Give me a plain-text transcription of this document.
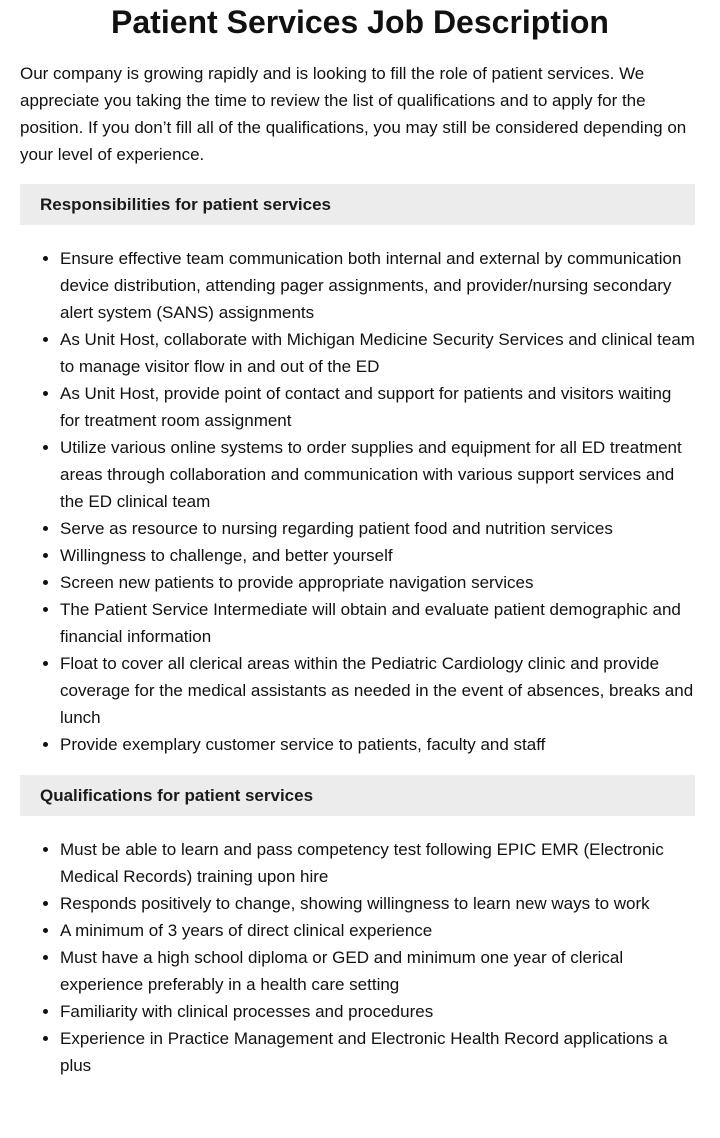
Patient Services Job Description

Our company is growing rapidly and is looking to fill the role of patient services. We appreciate you taking the time to review the list of qualifications and to apply for the position. If you don’t fill all of the qualifications, you may still be considered depending on your level of experience.

Responsibilities for patient services
• Ensure effective team communication both internal and external by communication device distribution, attending pager assignments, and provider/nursing secondary alert system (SANS) assignments
• As Unit Host, collaborate with Michigan Medicine Security Services and clinical team to manage visitor flow in and out of the ED
• As Unit Host, provide point of contact and support for patients and visitors waiting for treatment room assignment
• Utilize various online systems to order supplies and equipment for all ED treatment areas through collaboration and communication with various support services and the ED clinical team
• Serve as resource to nursing regarding patient food and nutrition services
• Willingness to challenge, and better yourself
• Screen new patients to provide appropriate navigation services
• The Patient Service Intermediate will obtain and evaluate patient demographic and financial information
• Float to cover all clerical areas within the Pediatric Cardiology clinic and provide coverage for the medical assistants as needed in the event of absences, breaks and lunch
• Provide exemplary customer service to patients, faculty and staff
Qualifications for patient services
• Must be able to learn and pass competency test following EPIC EMR (Electronic Medical Records) training upon hire
• Responds positively to change, showing willingness to learn new ways to work
• A minimum of 3 years of direct clinical experience
• Must have a high school diploma or GED and minimum one year of clerical experience preferably in a health care setting
• Familiarity with clinical processes and procedures
• Experience in Practice Management and Electronic Health Record applications a plus
